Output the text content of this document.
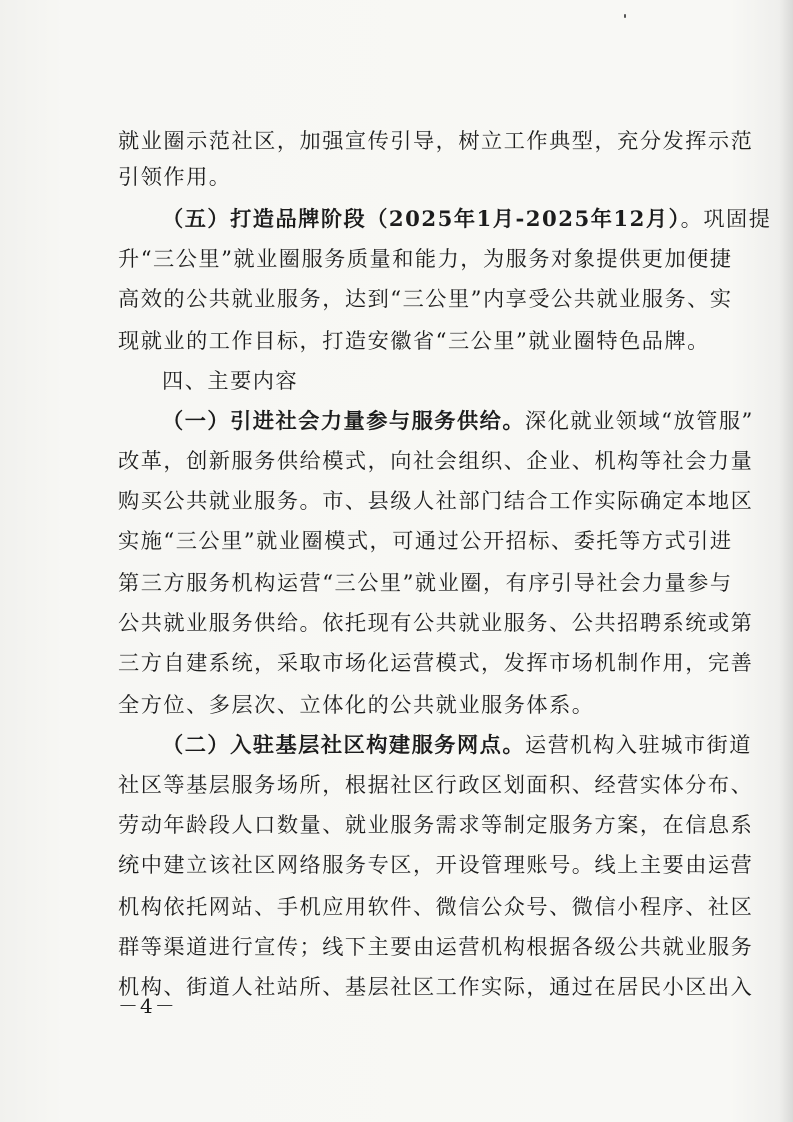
就业圈示范社区，加强宣传引导，树立工作典型，充分发挥示范
引领作用。
（五）打造品牌阶段（2025年1月-2025年12月）。巩固提
升“三公里”就业圈服务质量和能力，为服务对象提供更加便捷
高效的公共就业服务，达到“三公里”内享受公共就业服务、实
现就业的工作目标，打造安徽省“三公里”就业圈特色品牌。
四、主要内容
（一）引进社会力量参与服务供给。深化就业领域“放管服”
改革，创新服务供给模式，向社会组织、企业、机构等社会力量
购买公共就业服务。市、县级人社部门结合工作实际确定本地区
实施“三公里”就业圈模式，可通过公开招标、委托等方式引进
第三方服务机构运营“三公里”就业圈，有序引导社会力量参与
公共就业服务供给。依托现有公共就业服务、公共招聘系统或第
三方自建系统，采取市场化运营模式，发挥市场机制作用，完善
全方位、多层次、立体化的公共就业服务体系。
（二）入驻基层社区构建服务网点。运营机构入驻城市街道
社区等基层服务场所，根据社区行政区划面积、经营实体分布、
劳动年龄段人口数量、就业服务需求等制定服务方案，在信息系
统中建立该社区网络服务专区，开设管理账号。线上主要由运营
机构依托网站、手机应用软件、微信公众号、微信小程序、社区
群等渠道进行宣传；线下主要由运营机构根据各级公共就业服务
机构、街道人社站所、基层社区工作实际，通过在居民小区出入
－4－
